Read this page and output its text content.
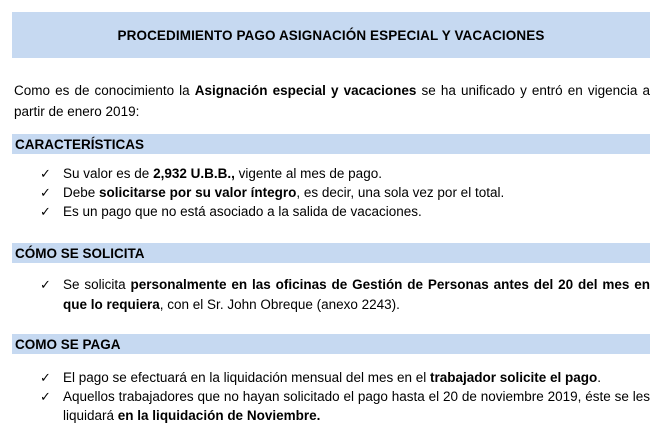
PROCEDIMIENTO PAGO ASIGNACIÓN ESPECIAL Y VACACIONES

Como es de conocimiento la Asignación especial y vacaciones se ha unificado y entró en vigencia a partir de enero 2019:

CARACTERÍSTICAS
✓ Su valor es de 2,932 U.B.B., vigente al mes de pago.
✓ Debe solicitarse por su valor íntegro, es decir, una sola vez por el total.
✓ Es un pago que no está asociado a la salida de vacaciones.
CÓMO SE SOLICITA
✓ Se solicita personalmente en las oficinas de Gestión de Personas antes del 20 del mes en que lo requiera, con el Sr. John Obreque (anexo 2243).
COMO SE PAGA
✓ El pago se efectuará en la liquidación mensual del mes en el trabajador solicite el pago.
✓ Aquellos trabajadores que no hayan solicitado el pago hasta el 20 de noviembre 2019, éste se les liquidará en la liquidación de Noviembre.
